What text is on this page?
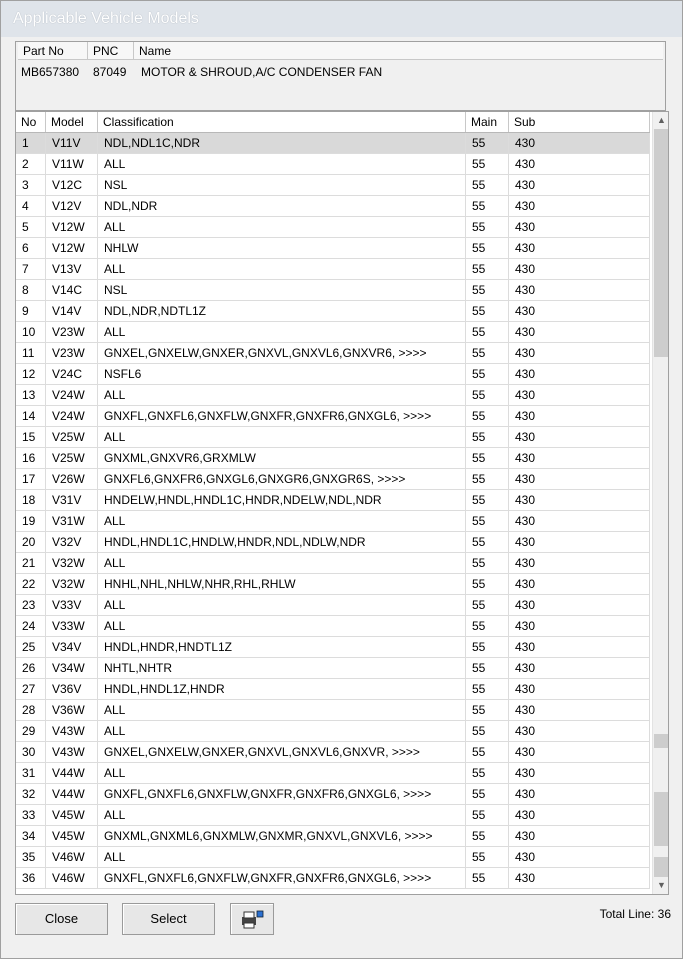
Applicable Vehicle Models
Part No	PNC	Name
MB657380	87049	MOTOR & SHROUD,A/C CONDENSER FAN
No	Model	Classification	Main	Sub
1	V11V	NDL,NDL1C,NDR	55	430
2	V11W	ALL	55	430
3	V12C	NSL	55	430
4	V12V	NDL,NDR	55	430
5	V12W	ALL	55	430
6	V12W	NHLW	55	430
7	V13V	ALL	55	430
8	V14C	NSL	55	430
9	V14V	NDL,NDR,NDTL1Z	55	430
10	V23W	ALL	55	430
11	V23W	GNXEL,GNXELW,GNXER,GNXVL,GNXVL6,GNXVR6, >>>>	55	430
12	V24C	NSFL6	55	430
13	V24W	ALL	55	430
14	V24W	GNXFL,GNXFL6,GNXFLW,GNXFR,GNXFR6,GNXGL6, >>>>	55	430
15	V25W	ALL	55	430
16	V25W	GNXML,GNXVR6,GRXMLW	55	430
17	V26W	GNXFL6,GNXFR6,GNXGL6,GNXGR6,GNXGR6S, >>>>	55	430
18	V31V	HNDELW,HNDL,HNDL1C,HNDR,NDELW,NDL,NDR	55	430
19	V31W	ALL	55	430
20	V32V	HNDL,HNDL1C,HNDLW,HNDR,NDL,NDLW,NDR	55	430
21	V32W	ALL	55	430
22	V32W	HNHL,NHL,NHLW,NHR,RHL,RHLW	55	430
23	V33V	ALL	55	430
24	V33W	ALL	55	430
25	V34V	HNDL,HNDR,HNDTL1Z	55	430
26	V34W	NHTL,NHTR	55	430
27	V36V	HNDL,HNDL1Z,HNDR	55	430
28	V36W	ALL	55	430
29	V43W	ALL	55	430
30	V43W	GNXEL,GNXELW,GNXER,GNXVL,GNXVL6,GNXVR, >>>>	55	430
31	V44W	ALL	55	430
32	V44W	GNXFL,GNXFL6,GNXFLW,GNXFR,GNXFR6,GNXGL6, >>>>	55	430
33	V45W	ALL	55	430
34	V45W	GNXML,GNXML6,GNXMLW,GNXMR,GNXVL,GNXVL6, >>>>	55	430
35	V46W	ALL	55	430
36	V46W	GNXFL,GNXFL6,GNXFLW,GNXFR,GNXFR6,GNXGL6, >>>>	55	430
▲
▼
Close	Select	Total Line: 36
